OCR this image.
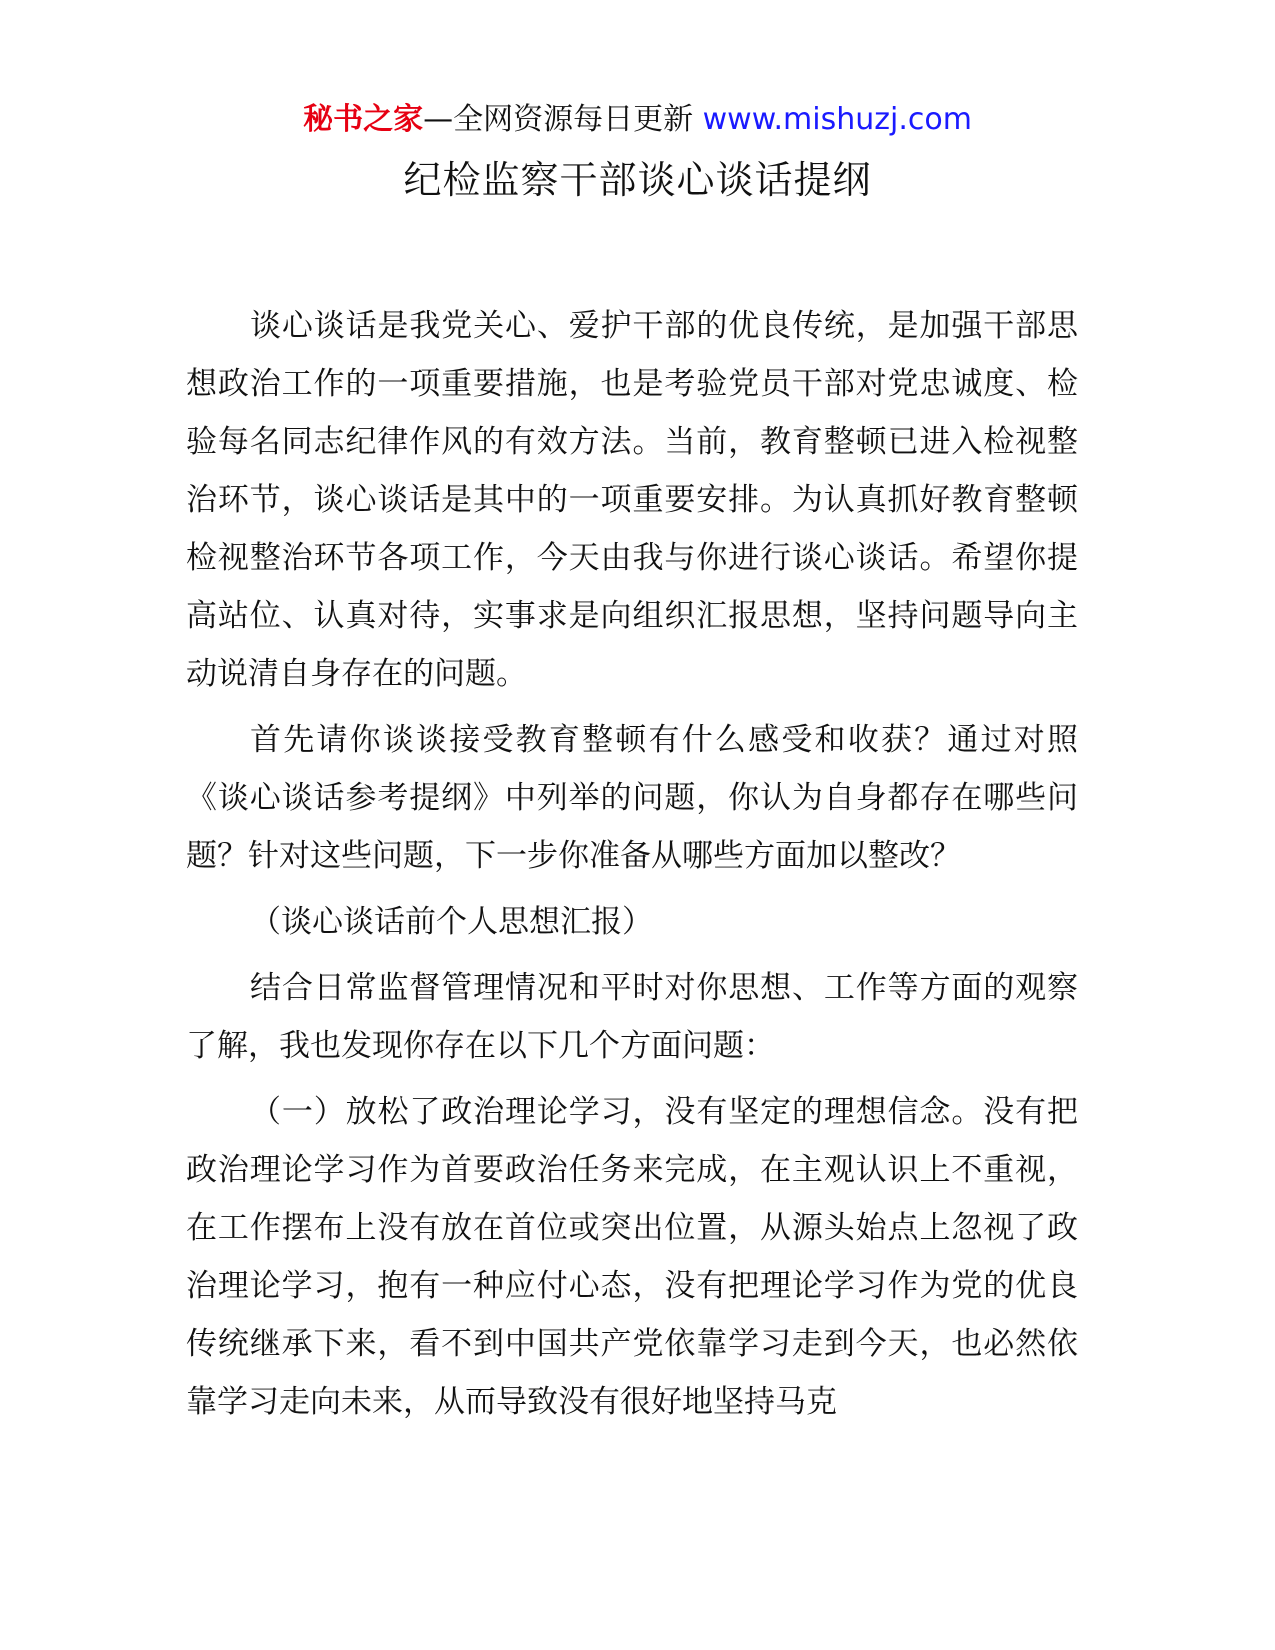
秘书之家—全网资源每日更新 www.mishuzj.com
纪检监察干部谈心谈话提纲

谈心谈话是我党关心、爱护干部的优良传统，是加强干部思想政治工作的一项重要措施，也是考验党员干部对党忠诚度、检验每名同志纪律作风的有效方法。当前，教育整顿已进入检视整治环节，谈心谈话是其中的一项重要安排。为认真抓好教育整顿检视整治环节各项工作，今天由我与你进行谈心谈话。希望你提高站位、认真对待，实事求是向组织汇报思想，坚持问题导向主动说清自身存在的问题。

首先请你谈谈接受教育整顿有什么感受和收获？通过对照《谈心谈话参考提纲》中列举的问题，你认为自身都存在哪些问题？针对这些问题，下一步你准备从哪些方面加以整改？

（谈心谈话前个人思想汇报）

结合日常监督管理情况和平时对你思想、工作等方面的观察了解，我也发现你存在以下几个方面问题：

（一）放松了政治理论学习，没有坚定的理想信念。没有把政治理论学习作为首要政治任务来完成，在主观认识上不重视，在工作摆布上没有放在首位或突出位置，从源头始点上忽视了政治理论学习，抱有一种应付心态，没有把理论学习作为党的优良传统继承下来，看不到中国共产党依靠学习走到今天，也必然依靠学习走向未来，从而导致没有很好地坚持马克
